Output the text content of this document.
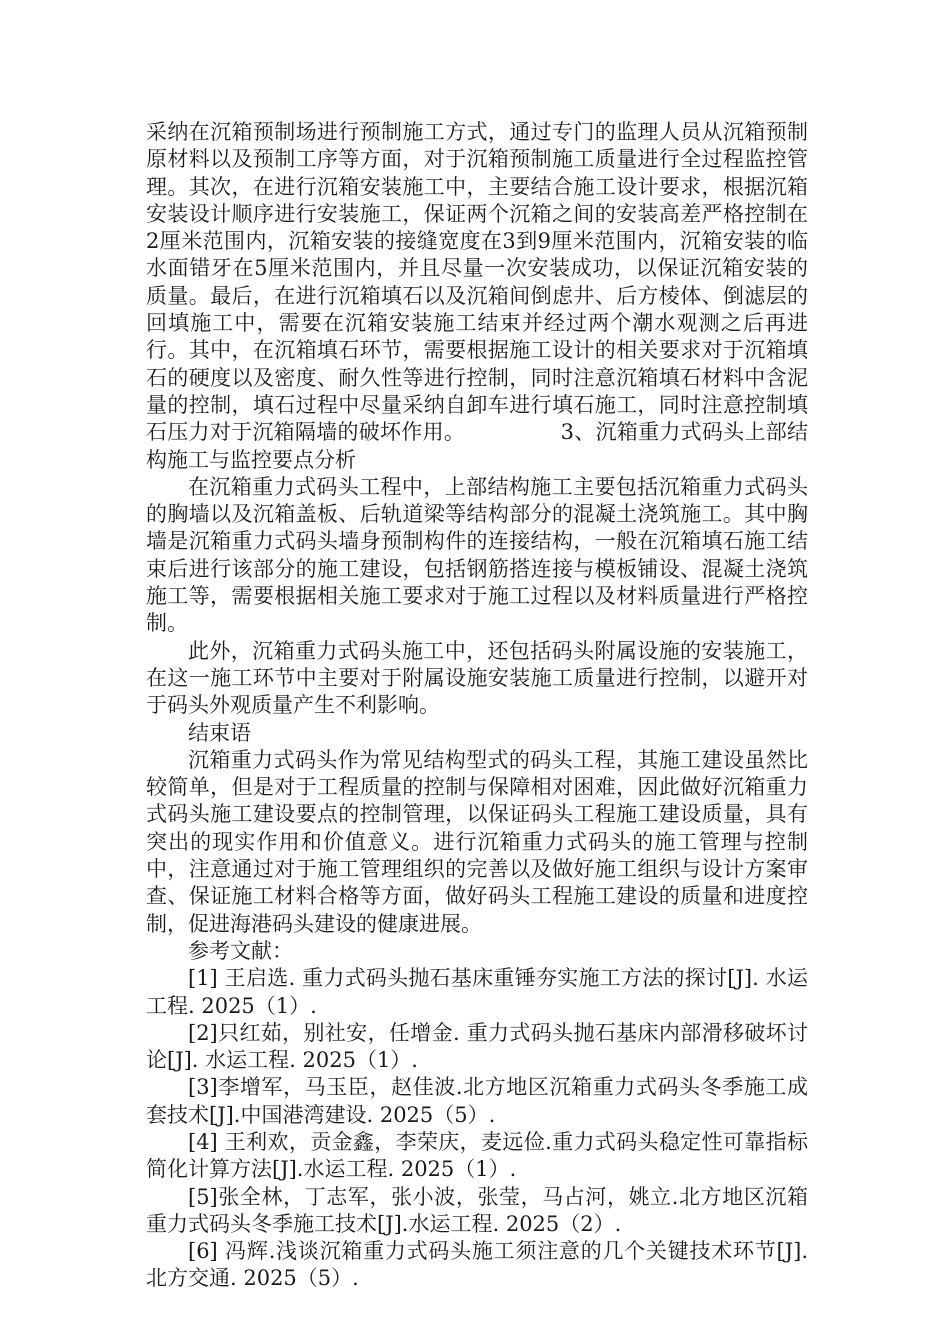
采纳在沉箱预制场进行预制施工方式，通过专门的监理人员从沉箱预制原材料以及预制工序等方面，对于沉箱预制施工质量进行全过程监控管理。其次，在进行沉箱安装施工中，主要结合施工设计要求，根据沉箱安装设计顺序进行安装施工，保证两个沉箱之间的安装高差严格控制在2厘米范围内，沉箱安装的接缝宽度在3到9厘米范围内，沉箱安装的临水面错牙在5厘米范围内，并且尽量一次安装成功，以保证沉箱安装的质量。最后，在进行沉箱填石以及沉箱间倒虑井、后方棱体、倒滤层的回填施工中，需要在沉箱安装施工结束并经过两个潮水观测之后再进行。其中，在沉箱填石环节，需要根据施工设计的相关要求对于沉箱填石的硬度以及密度、耐久性等进行控制，同时注意沉箱填石材料中含泥量的控制，填石过程中尽量采纳自卸车进行填石施工，同时注意控制填石压力对于沉箱隔墙的破坏作用。　　　　	3、沉箱重力式码头上部结构施工与监控要点分析

在沉箱重力式码头工程中，上部结构施工主要包括沉箱重力式码头的胸墙以及沉箱盖板、后轨道梁等结构部分的混凝土浇筑施工。其中胸墙是沉箱重力式码头墙身预制构件的连接结构，一般在沉箱填石施工结束后进行该部分的施工建设，包括钢筋搭连接与模板铺设、混凝土浇筑施工等，需要根据相关施工要求对于施工过程以及材料质量进行严格控制。

此外，沉箱重力式码头施工中，还包括码头附属设施的安装施工，在这一施工环节中主要对于附属设施安装施工质量进行控制，以避开对于码头外观质量产生不利影响。

结束语

沉箱重力式码头作为常见结构型式的码头工程，其施工建设虽然比较简单，但是对于工程质量的控制与保障相对困难，因此做好沉箱重力式码头施工建设要点的控制管理，以保证码头工程施工建设质量，具有突出的现实作用和价值意义。进行沉箱重力式码头的施工管理与控制中，注意通过对于施工管理组织的完善以及做好施工组织与设计方案审查、保证施工材料合格等方面，做好码头工程施工建设的质量和进度控制，促进海港码头建设的健康进展。

参考文献：

[1] 王启选. 重力式码头抛石基床重锤夯实施工方法的探讨[J]. 水运工程. 2025（1）.

[2]只红茹，别社安，任增金. 重力式码头抛石基床内部滑移破坏讨论[J]. 水运工程. 2025（1）.

[3]李增军，马玉臣，赵佳波.北方地区沉箱重力式码头冬季施工成套技术[J].中国港湾建设. 2025（5）.

[4] 王利欢，贡金鑫，李荣庆，麦远俭.重力式码头稳定性可靠指标简化计算方法[J].水运工程. 2025（1）.

[5]张全林，丁志军，张小波，张莹，马占河，姚立.北方地区沉箱重力式码头冬季施工技术[J].水运工程. 2025（2）.

[6] 冯辉.浅谈沉箱重力式码头施工须注意的几个关键技术环节[J].北方交通. 2025（5）.
